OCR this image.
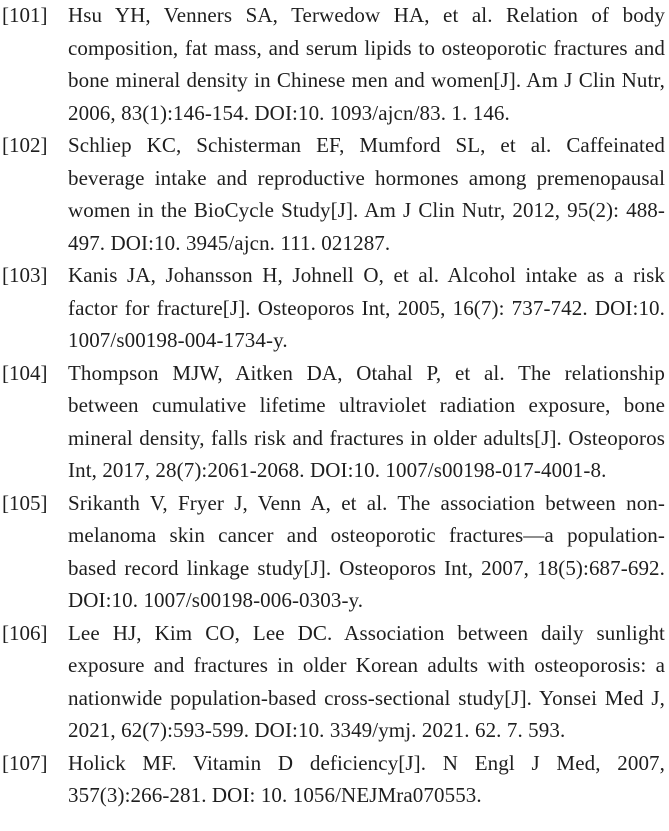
[101] Hsu YH, Venners SA, Terwedow HA, et al. Relation of body composition, fat mass, and serum lipids to osteoporotic fractures and bone mineral density in Chinese men and women[J]. Am J Clin Nutr, 2006, 83(1):146-154. DOI:10. 1093/ajcn/83. 1. 146.
[102] Schliep KC, Schisterman EF, Mumford SL, et al. Caffeinated beverage intake and reproductive hormones among premenopausal women in the BioCycle Study[J]. Am J Clin Nutr, 2012, 95(2): 488-497. DOI:10. 3945/ajcn. 111. 021287.
[103] Kanis JA, Johansson H, Johnell O, et al. Alcohol intake as a risk factor for fracture[J]. Osteoporos Int, 2005, 16(7): 737-742. DOI:10. 1007/s00198-004-1734-y.
[104] Thompson MJW, Aitken DA, Otahal P, et al. The relationship between cumulative lifetime ultraviolet radiation exposure, bone mineral density, falls risk and fractures in older adults[J]. Osteoporos Int, 2017, 28(7):2061-2068. DOI:10. 1007/s00198-017-4001-8.
[105] Srikanth V, Fryer J, Venn A, et al. The association between non-melanoma skin cancer and osteoporotic fractures—a population-based record linkage study[J]. Osteoporos Int, 2007, 18(5):687-692. DOI:10. 1007/s00198-006-0303-y.
[106] Lee HJ, Kim CO, Lee DC. Association between daily sunlight exposure and fractures in older Korean adults with osteoporosis: a nationwide population-based cross-sectional study[J]. Yonsei Med J, 2021, 62(7):593-599. DOI:10. 3349/ymj. 2021. 62. 7. 593.
[107] Holick MF. Vitamin D deficiency[J]. N Engl J Med, 2007, 357(3):266-281. DOI: 10. 1056/NEJMra070553.
